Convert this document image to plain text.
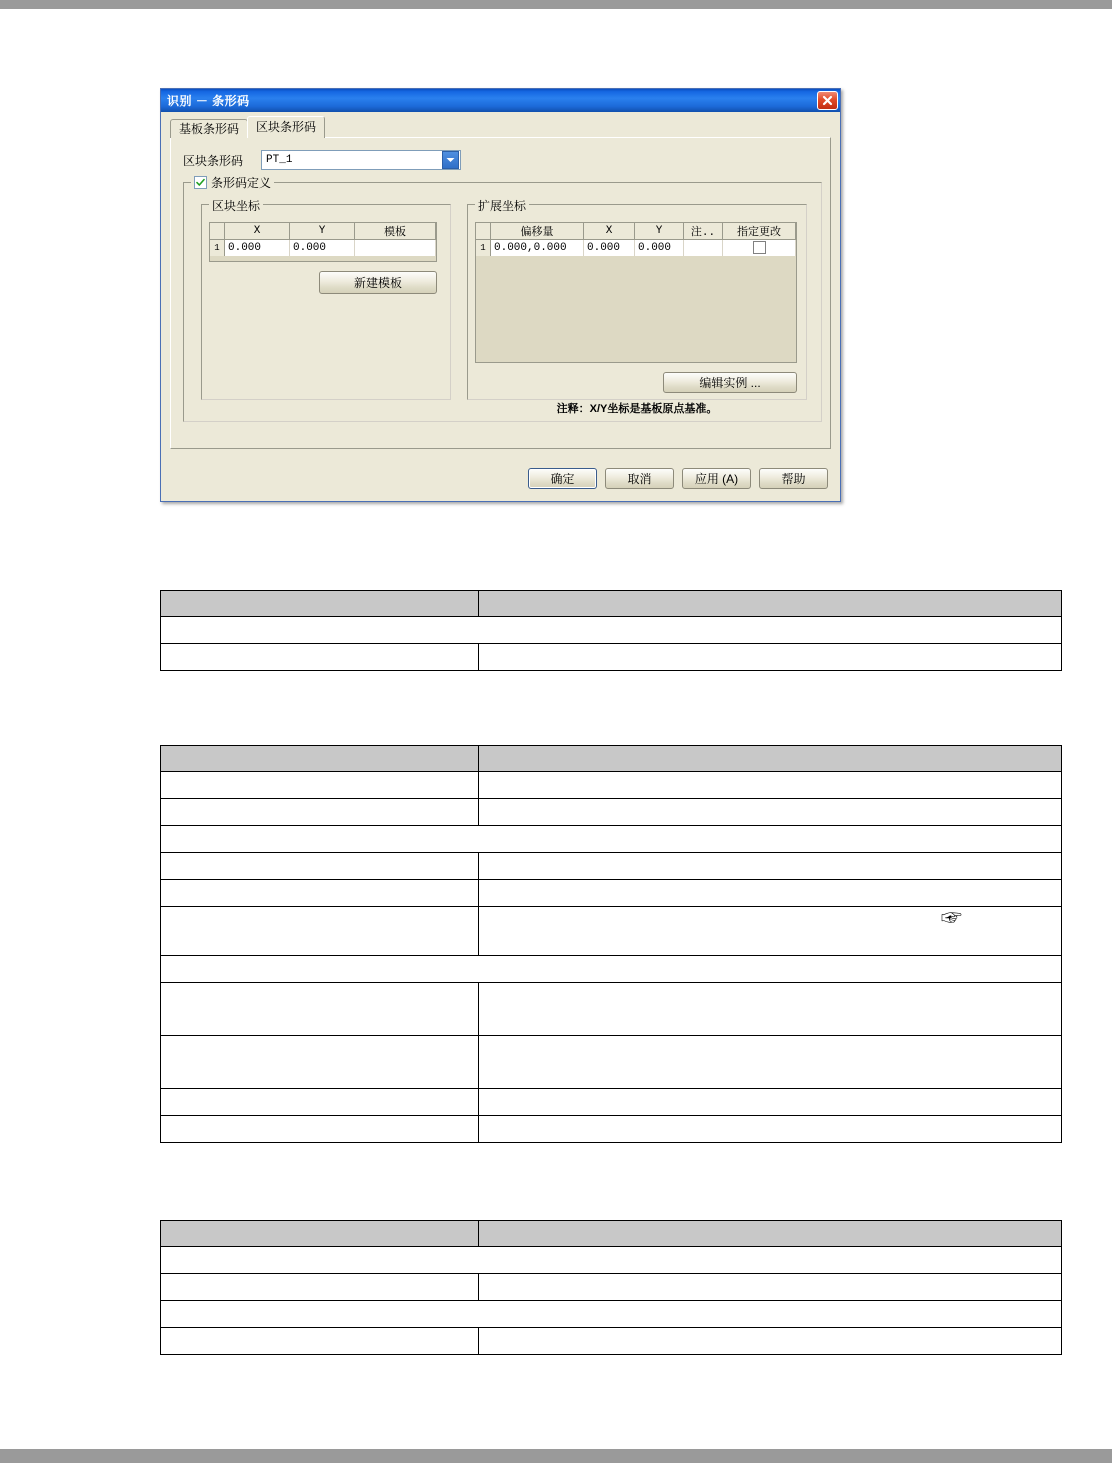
识别 － 条形码
基板条形码	区块条形码
区块条形码	PT_1
条形码定义
区块坐标	扩展坐标
	X	Y	模板
1	0.000	0.000	

新建模板
	偏移量	X	Y	注..	指定更改
1	0.000,0.000	0.000	0.000		

编辑实例 ...
注释：X/Y坐标是基板原点基准。
确定	取消	应用 (A)	帮助

☞
